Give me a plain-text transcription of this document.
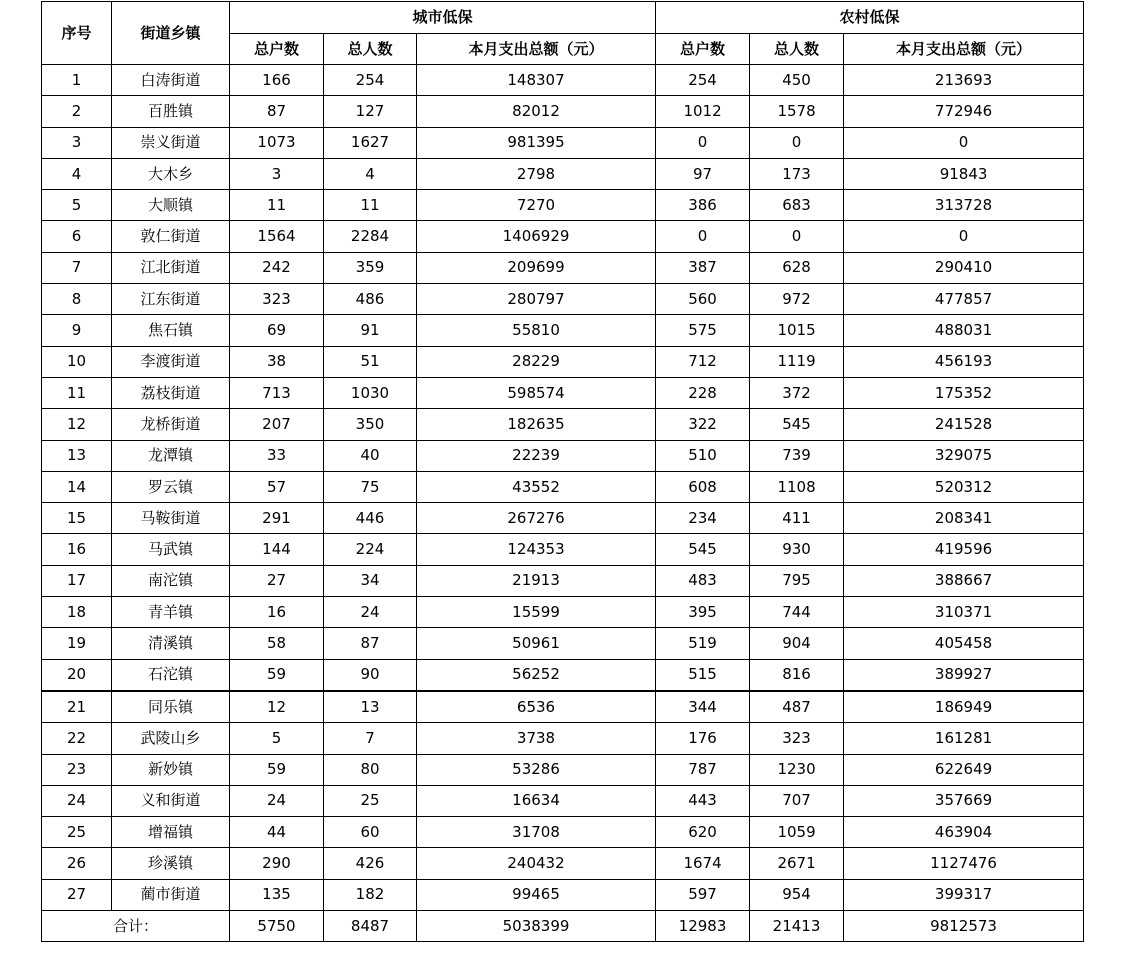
序号	街道乡镇	城市低保			农村低保		
		总户数	总人数	本月支出总额（元）	总户数	总人数	本月支出总额（元）
1	白涛街道	166	254	148307	254	450	213693
2	百胜镇	87	127	82012	1012	1578	772946
3	崇义街道	1073	1627	981395	0	0	0
4	大木乡	3	4	2798	97	173	91843
5	大顺镇	11	11	7270	386	683	313728
6	敦仁街道	1564	2284	1406929	0	0	0
7	江北街道	242	359	209699	387	628	290410
8	江东街道	323	486	280797	560	972	477857
9	焦石镇	69	91	55810	575	1015	488031
10	李渡街道	38	51	28229	712	1119	456193
11	荔枝街道	713	1030	598574	228	372	175352
12	龙桥街道	207	350	182635	322	545	241528
13	龙潭镇	33	40	22239	510	739	329075
14	罗云镇	57	75	43552	608	1108	520312
15	马鞍街道	291	446	267276	234	411	208341
16	马武镇	144	224	124353	545	930	419596
17	南沱镇	27	34	21913	483	795	388667
18	青羊镇	16	24	15599	395	744	310371
19	清溪镇	58	87	50961	519	904	405458
20	石沱镇	59	90	56252	515	816	389927
21	同乐镇	12	13	6536	344	487	186949
22	武陵山乡	5	7	3738	176	323	161281
23	新妙镇	59	80	53286	787	1230	622649
24	义和街道	24	25	16634	443	707	357669
25	增福镇	44	60	31708	620	1059	463904
26	珍溪镇	290	426	240432	1674	2671	1127476
27	蔺市街道	135	182	99465	597	954	399317
合计：		5750	8487	5038399	12983	21413	9812573
